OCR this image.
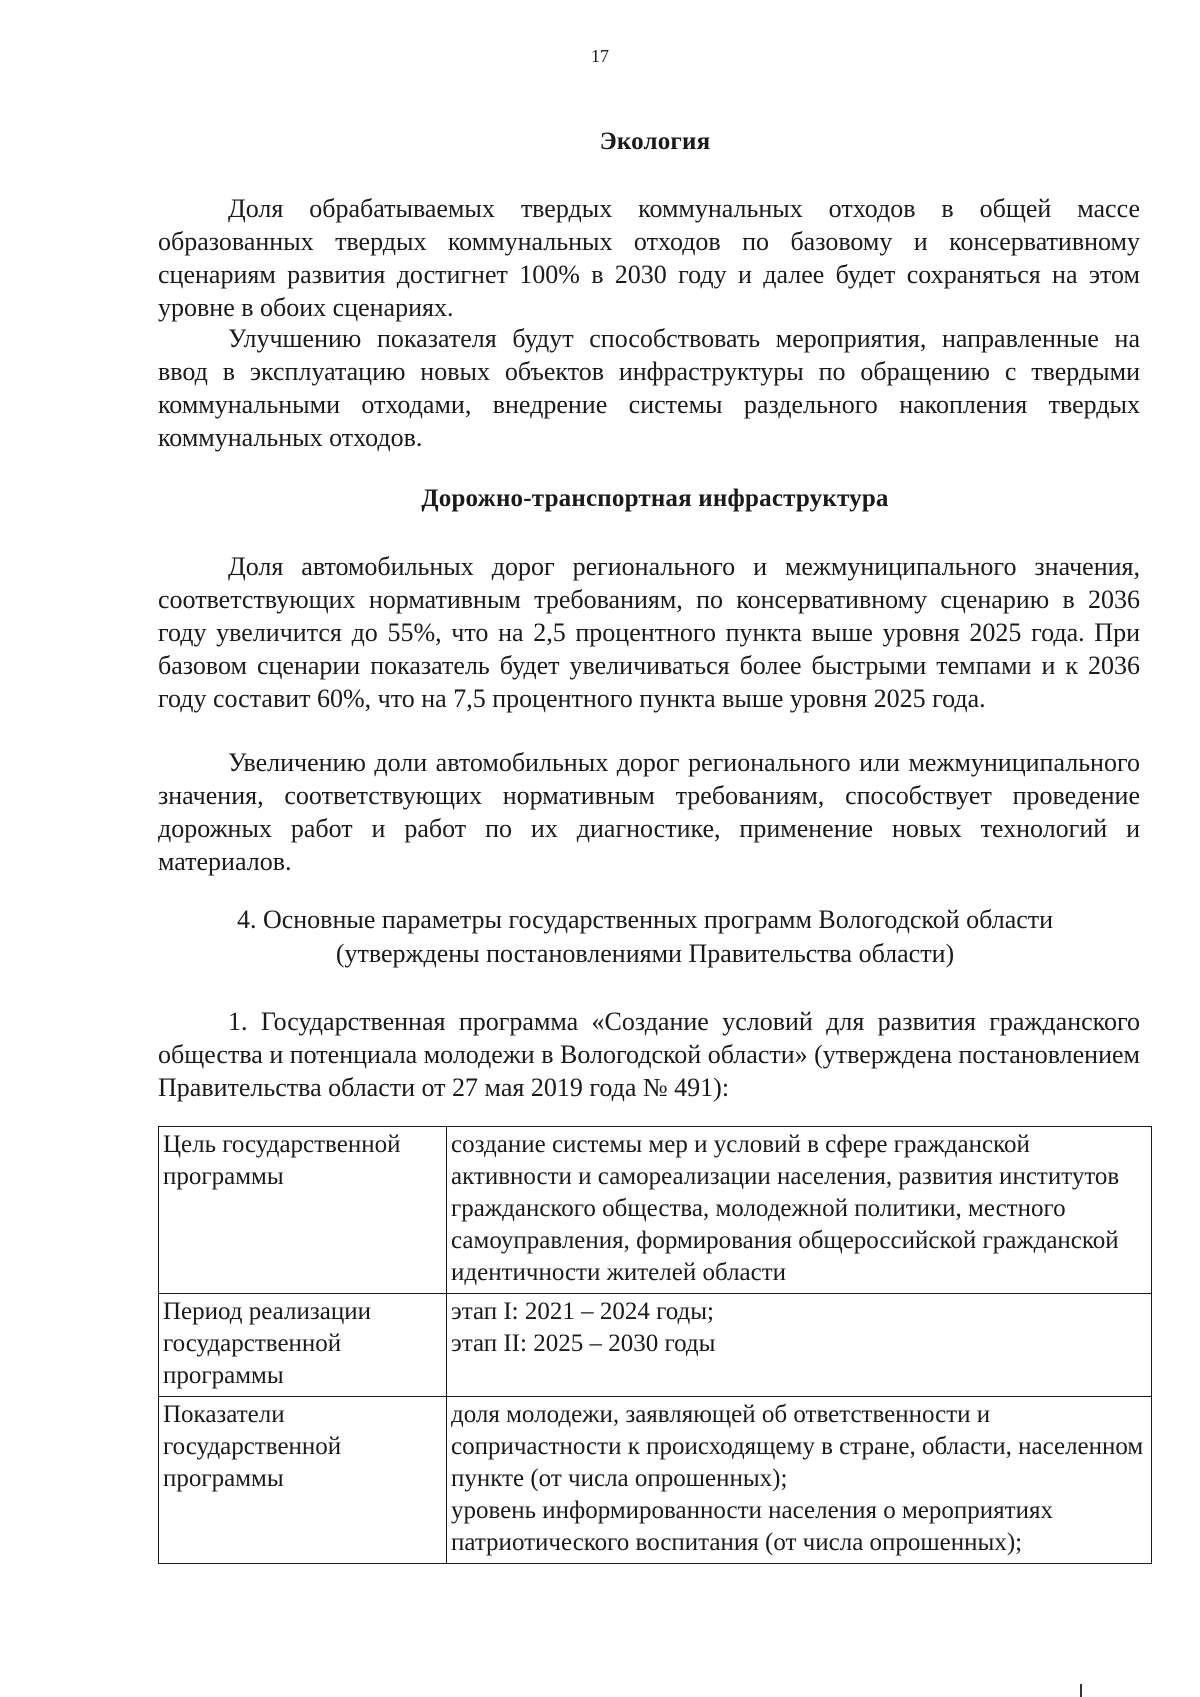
17
Экология
Доля обрабатываемых твердых коммунальных отходов в общей массе образованных твердых коммунальных отходов по базовому и консервативному сценариям развития достигнет 100% в 2030 году и далее будет сохраняться на этом уровне в обоих сценариях.
Улучшению показателя будут способствовать мероприятия, направленные на ввод в эксплуатацию новых объектов инфраструктуры по обращению с твердыми коммунальными отходами, внедрение системы раздельного накопления твердых коммунальных отходов.
Дорожно-транспортная инфраструктура
Доля автомобильных дорог регионального и межмуниципального значения, соответствующих нормативным требованиям, по консервативному сценарию в 2036 году увеличится до 55%, что на 2,5 процентного пункта выше уровня 2025 года. При базовом сценарии показатель будет увеличиваться более быстрыми темпами и к 2036 году составит 60%, что на 7,5 процентного пункта выше уровня 2025 года.
Увеличению доли автомобильных дорог регионального или межмуниципального значения, соответствующих нормативным требованиям, способствует проведение дорожных работ и работ по их диагностике, применение новых технологий и материалов.
4. Основные параметры государственных программ Вологодской области
(утверждены постановлениями Правительства области)
1. Государственная программа «Создание условий для развития гражданского общества и потенциала молодежи в Вологодской области» (утверждена постановлением Правительства области от 27 мая 2019 года № 491):
Цель государственной программы	создание системы мер и условий в сфере гражданской активности и самореализации населения, развития институтов гражданского общества, молодежной политики, местного самоуправления, формирования общероссийской гражданской идентичности жителей области

Период реализации государственной программы	этап I: 2021 – 2024 годы;
этап II: 2025 – 2030 годы

Показатели государственной программы	доля молодежи, заявляющей об ответственности и сопричастности к происходящему в стране, области, населенном пункте (от числа опрошенных);
уровень информированности населения о мероприятиях патриотического воспитания (от числа опрошенных);
